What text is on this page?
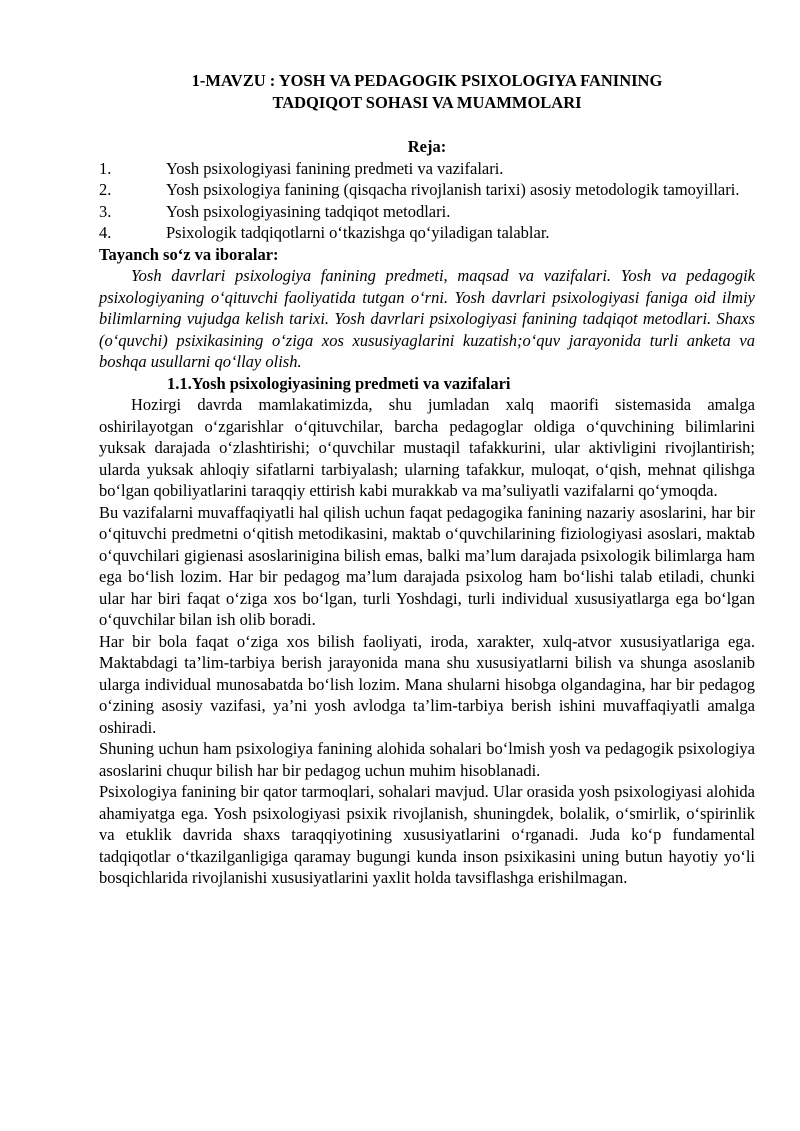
1-MAVZU : YOSH VA PEDAGOGIK PSIXOLOGIYA FANINING
TADQIQOT SOHASI VA MUAMMOLARI
Reja:
1.	Yosh psixologiyasi fanining predmeti va vazifalari.
2.	Yosh psixologiya fanining (qisqacha rivojlanish tarixi) asosiy metodologik tamoyillari.
3.	Yosh psixologiyasining tadqiqot metodlari.
4.	Psixologik tadqiqotlarni o‘tkazishga qo‘yiladigan talablar.
Tayanch so‘z va iboralar:

Yosh davrlari psixologiya fanining predmeti, maqsad va vazifalari. Yosh va pedagogik psixologiyaning o‘qituvchi faoliyatida tutgan o‘rni. Yosh davrlari psixologiyasi faniga oid ilmiy bilimlarning vujudga kelish tarixi. Yosh davrlari psixologiyasi fanining tadqiqot metodlari. Shaxs (o‘quvchi) psixikasining o‘ziga xos xususiyaglarini kuzatish;o‘quv jarayonida turli anketa va boshqa usullarni qo‘llay olish.

1.1.Yosh psixologiyasining predmeti va vazifalari

Hozirgi davrda mamlakatimizda, shu jumladan xalq maorifi sistemasida amalga oshirilayotgan o‘zgarishlar o‘qituvchilar, barcha pedagoglar oldiga o‘quvchining bilimlarini yuksak darajada o‘zlashtirishi; o‘quvchilar mustaqil tafakkurini, ular aktivligini rivojlantirish; ularda yuksak ahloqiy sifatlarni tarbiyalash; ularning tafakkur, muloqat, o‘qish, mehnat qilishga bo‘lgan qobiliyatlarini taraqqiy ettirish kabi murakkab va ma’suliyatli vazifalarni qo‘ymoqda.

Bu vazifalarni muvaffaqiyatli hal qilish uchun faqat pedagogika fanining nazariy asoslarini, har bir o‘qituvchi predmetni o‘qitish metodikasini, maktab o‘quvchilarining fiziologiyasi asoslari, maktab o‘quvchilari gigienasi asoslarinigina bilish emas, balki ma’lum darajada psixologik bilimlarga ham ega bo‘lish lozim. Har bir pedagog ma’lum darajada psixolog ham bo‘lishi talab etiladi, chunki ular har biri faqat o‘ziga xos bo‘lgan, turli Yoshdagi, turli individual xususiyatlarga ega bo‘lgan o‘quvchilar bilan ish olib boradi.

Har bir bola faqat o‘ziga xos bilish faoliyati, iroda, xarakter, xulq-atvor xususiyatlariga ega. Maktabdagi ta’lim-tarbiya berish jarayonida mana shu xususiyatlarni bilish va shunga asoslanib ularga individual munosabatda bo‘lish lozim. Mana shularni hisobga olgandagina, har bir pedagog o‘zining asosiy vazifasi, ya’ni yosh avlodga ta’lim-tarbiya berish ishini muvaffaqiyatli amalga oshiradi.

Shuning uchun ham psixologiya fanining alohida sohalari bo‘lmish yosh va pedagogik psixologiya asoslarini chuqur bilish har bir pedagog uchun muhim hisoblanadi.

Psixologiya fanining bir qator tarmoqlari, sohalari mavjud. Ular orasida yosh psixologiyasi alohida ahamiyatga ega. Yosh psixologiyasi psixik rivojlanish, shuningdek, bolalik, o‘smirlik, o‘spirinlik va etuklik davrida shaxs taraqqiyotining xususiyatlarini o‘rganadi. Juda ko‘p fundamental tadqiqotlar o‘tkazilganligiga qaramay bugungi kunda inson psixikasini uning butun hayotiy yo‘li bosqichlarida rivojlanishi xususiyatlarini yaxlit holda tavsiflashga erishilmagan.
